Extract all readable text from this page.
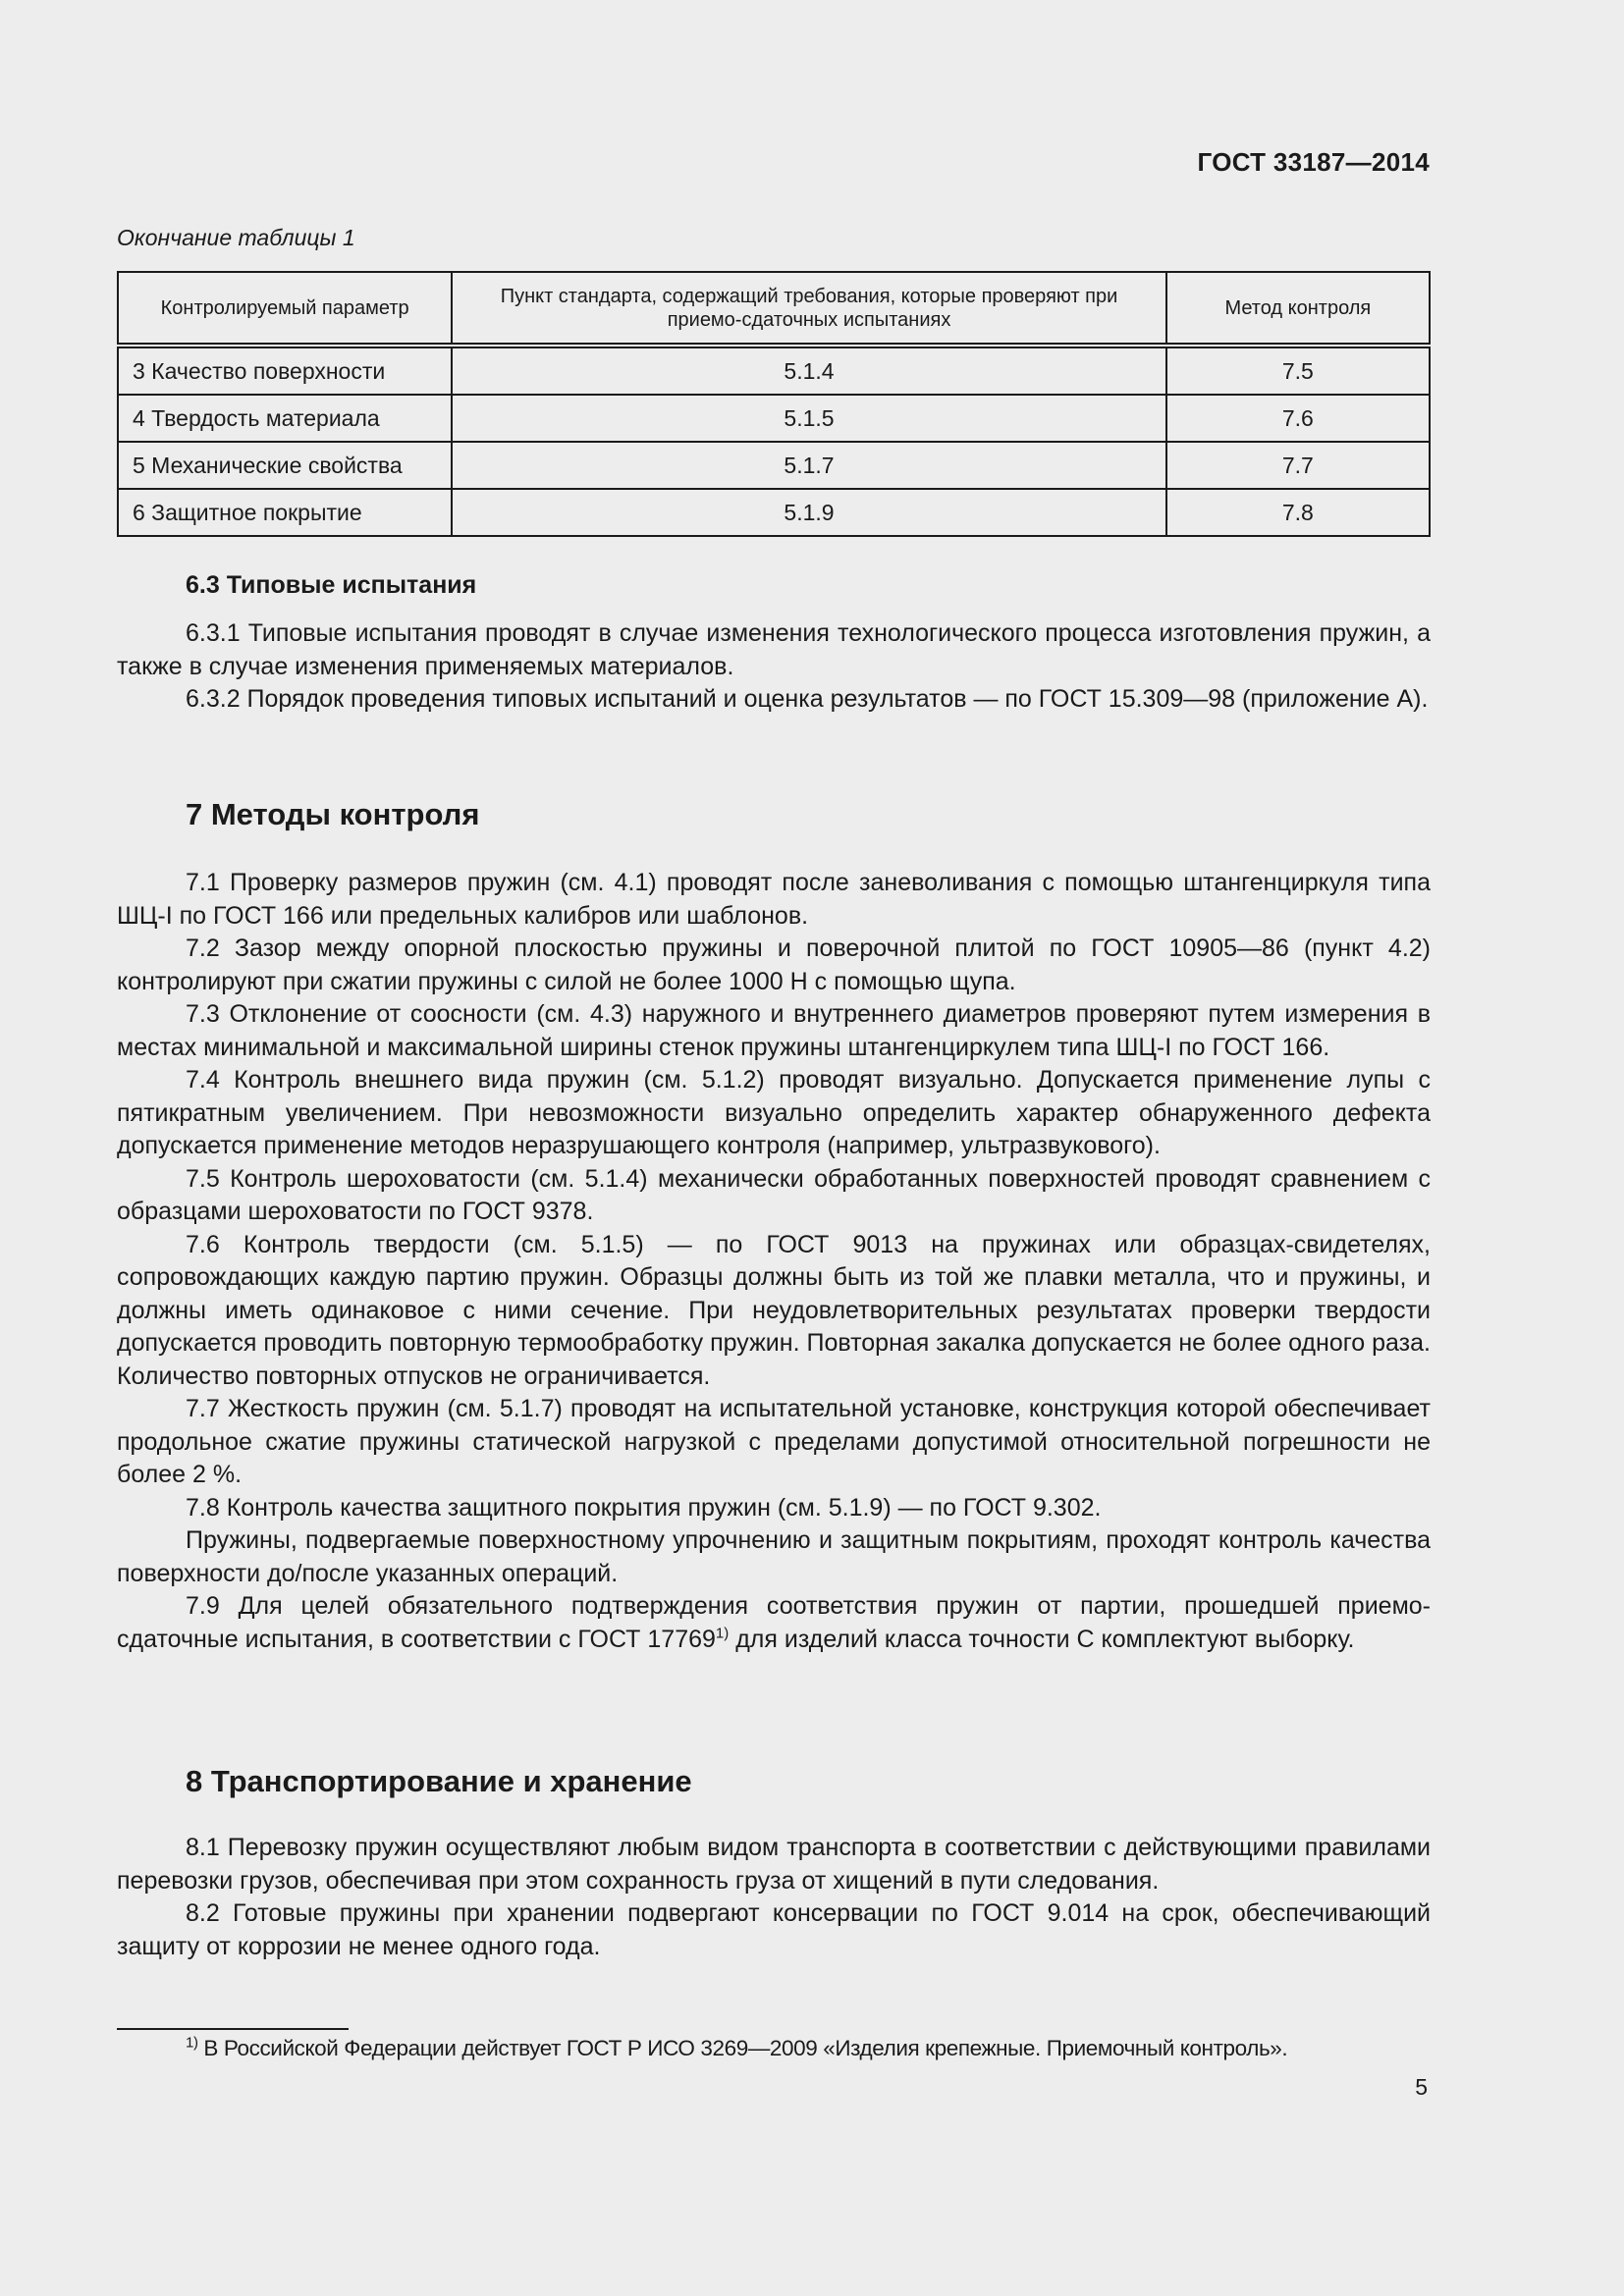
ГОСТ 33187—2014
Окончание таблицы 1
Контролируемый параметр	Пункт стандарта, содержащий требования, которые проверяют при приемо-сдаточных испытаниях	Метод контроля
3 Качество поверхности	5.1.4	7.5
4 Твердость материала	5.1.5	7.6
5 Механические свойства	5.1.7	7.7
6 Защитное покрытие	5.1.9	7.8
6.3 Типовые испытания

6.3.1 Типовые испытания проводят в случае изменения технологического процесса изготовления пружин, а также в случае изменения применяемых материалов.

6.3.2 Порядок проведения типовых испытаний и оценка результатов — по ГОСТ 15.309—98 (приложение А).

7 Методы контроля

7.1 Проверку размеров пружин (см. 4.1) проводят после заневоливания с помощью штангенциркуля типа ШЦ-I по ГОСТ 166 или предельных калибров или шаблонов.

7.2 Зазор между опорной плоскостью пружины и поверочной плитой по ГОСТ 10905—86 (пункт 4.2) контролируют при сжатии пружины с силой не более 1000 Н с помощью щупа.

7.3 Отклонение от соосности (см. 4.3) наружного и внутреннего диаметров проверяют путем измерения в местах минимальной и максимальной ширины стенок пружины штангенциркулем типа ШЦ-I по ГОСТ 166.

7.4 Контроль внешнего вида пружин (см. 5.1.2) проводят визуально. Допускается применение лупы с пятикратным увеличением. При невозможности визуально определить характер обнаруженного дефекта допускается применение методов неразрушающего контроля (например, ультразвукового).

7.5 Контроль шероховатости (см. 5.1.4) механически обработанных поверхностей проводят сравнением с образцами шероховатости по ГОСТ 9378.

7.6 Контроль твердости (см. 5.1.5) — по ГОСТ 9013 на пружинах или образцах-свидетелях, сопровождающих каждую партию пружин. Образцы должны быть из той же плавки металла, что и пружины, и должны иметь одинаковое с ними сечение. При неудовлетворительных результатах проверки твердости допускается проводить повторную термообработку пружин. Повторная закалка допускается не более одного раза. Количество повторных отпусков не ограничивается.

7.7 Жесткость пружин (см. 5.1.7) проводят на испытательной установке, конструкция которой обеспечивает продольное сжатие пружины статической нагрузкой с пределами допустимой относительной погрешности не более 2 %.

7.8 Контроль качества защитного покрытия пружин (см. 5.1.9) — по ГОСТ 9.302.

Пружины, подвергаемые поверхностному упрочнению и защитным покрытиям, проходят контроль качества поверхности до/после указанных операций.

7.9 Для целей обязательного подтверждения соответствия пружин от партии, прошедшей приемо-сдаточные испытания, в соответствии с ГОСТ 17769$^{1)}$ для изделий класса точности С комплектуют выборку.

8 Транспортирование и хранение

8.1 Перевозку пружин осуществляют любым видом транспорта в соответствии с действующими правилами перевозки грузов, обеспечивая при этом сохранность груза от хищений в пути следования.

8.2 Готовые пружины при хранении подвергают консервации по ГОСТ 9.014 на срок, обеспечивающий защиту от коррозии не менее одного года.

$^{1)}$ В Российской Федерации действует ГОСТ Р ИСО 3269—2009 «Изделия крепежные. Приемочный контроль».
5
